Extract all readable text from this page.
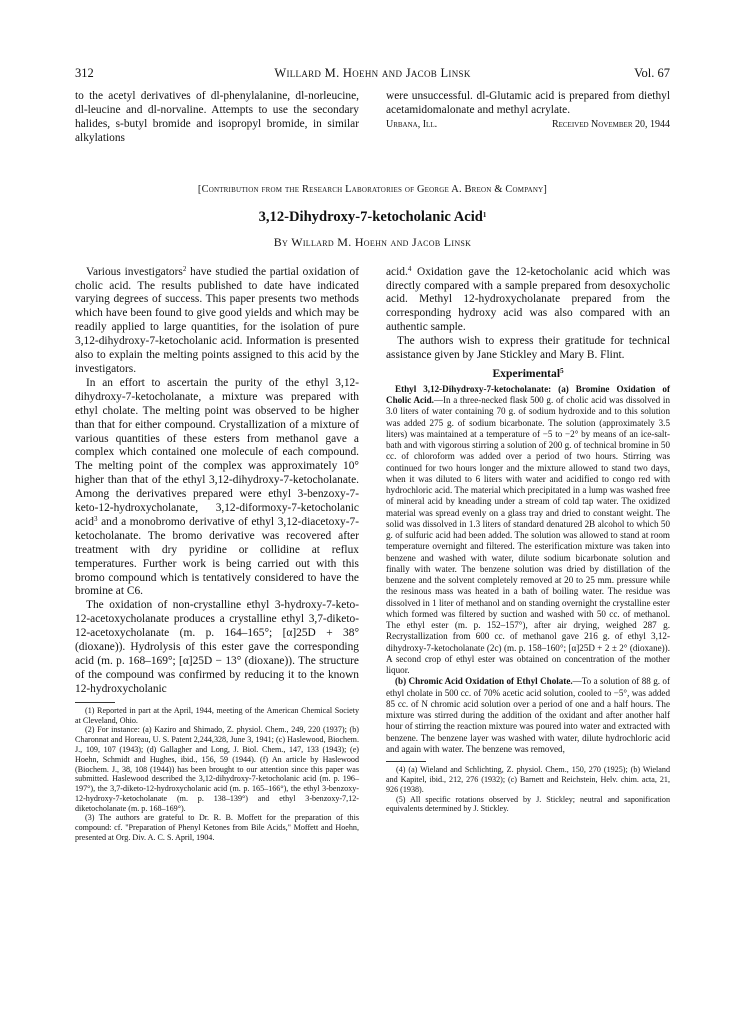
312	Willard M. Hoehn and Jacob Linsk	Vol. 67

to the acetyl derivatives of dl-phenylalanine, dl-norleucine, dl-leucine and dl-norvaline. Attempts to use the secondary halides, s-butyl bromide and isopropyl bromide, in similar alkylations

were unsuccessful. dl-Glutamic acid is prepared from diethyl acetamidomalonate and methyl acrylate.

Urbana, Ill.	Received November 20, 1944
[Contribution from the Research Laboratories of George A. Breon & Company]
3,12-Dihydroxy-7-ketocholanic Acid$^1$
By Willard M. Hoehn and Jacob Linsk

Various investigators$^2$ have studied the partial oxidation of cholic acid. The results published to date have indicated varying degrees of success. This paper presents two methods which have been found to give good yields and which may be readily applied to large quantities, for the isolation of pure 3,12-dihydroxy-7-ketocholanic acid. Information is presented also to explain the melting points assigned to this acid by the investigators.

In an effort to ascertain the purity of the ethyl 3,12-dihydroxy-7-ketocholanate, a mixture was prepared with ethyl cholate. The melting point was observed to be higher than that for either compound. Crystallization of a mixture of various quantities of these esters from methanol gave a complex which contained one molecule of each compound. The melting point of the complex was approximately 10° higher than that of the ethyl 3,12-dihydroxy-7-ketocholanate. Among the derivatives prepared were ethyl 3-benzoxy-7-keto-12-hydroxycholanate, 3,12-diformoxy-7-ketocholanic acid$^3$ and a monobromo derivative of ethyl 3,12-diacetoxy-7-ketocholanate. The bromo derivative was recovered after treatment with dry pyridine or collidine at reflux temperatures. Further work is being carried out with this bromo compound which is tentatively considered to have the bromine at C6.

The oxidation of non-crystalline ethyl 3-hydroxy-7-keto-12-acetoxycholanate produces a crystalline ethyl 3,7-diketo-12-acetoxycholanate (m. p. 164–165°; [α]25D + 38° (dioxane)). Hydrolysis of this ester gave the corresponding acid (m. p. 168–169°; [α]25D − 13° (dioxane)). The structure of the compound was confirmed by reducing it to the known 12-hydroxycholanic

(1) Reported in part at the April, 1944, meeting of the American Chemical Society at Cleveland, Ohio.

(2) For instance: (a) Kaziro and Shimado, Z. physiol. Chem., 249, 220 (1937); (b) Charonnat and Horeau, U. S. Patent 2,244,328, June 3, 1941; (c) Haslewood, Biochem. J., 109, 107 (1943); (d) Gallagher and Long, J. Biol. Chem., 147, 133 (1943); (e) Hoehn, Schmidt and Hughes, ibid., 156, 59 (1944). (f) An article by Haslewood (Biochem. J., 38, 108 (1944)) has been brought to our attention since this paper was submitted. Haslewood described the 3,12-dihydroxy-7-ketocholanic acid (m. p. 196–197°), the 3,7-diketo-12-hydroxycholanic acid (m. p. 165–166°), the ethyl 3-benzoxy-12-hydroxy-7-ketocholanate (m. p. 138–139°) and ethyl 3-benzoxy-7,12-diketocholanate (m. p. 168–169°).

(3) The authors are grateful to Dr. R. B. Moffett for the preparation of this compound: cf. "Preparation of Phenyl Ketones from Bile Acids," Moffett and Hoehn, presented at Org. Div. A. C. S. April, 1904.

acid.$^4$ Oxidation gave the 12-ketocholanic acid which was directly compared with a sample prepared from desoxycholic acid. Methyl 12-hydroxycholanate prepared from the corresponding hydroxy acid was also compared with an authentic sample.

The authors wish to express their gratitude for technical assistance given by Jane Stickley and Mary B. Flint.

Experimental$^5$

Ethyl 3,12-Dihydroxy-7-ketocholanate: (a) Bromine Oxidation of Cholic Acid.—In a three-necked flask 500 g. of cholic acid was dissolved in 3.0 liters of water containing 70 g. of sodium hydroxide and to this solution was added 275 g. of sodium bicarbonate. The solution (approximately 3.5 liters) was maintained at a temperature of −5 to −2° by means of an ice-salt-bath and with vigorous stirring a solution of 200 g. of technical bromine in 50 cc. of chloroform was added over a period of two hours. Stirring was continued for two hours longer and the mixture allowed to stand two days, when it was diluted to 6 liters with water and acidified to congo red with hydrochloric acid. The material which precipitated in a lump was washed free of mineral acid by kneading under a stream of cold tap water. The oxidized material was spread evenly on a glass tray and dried to constant weight. The solid was dissolved in 1.3 liters of standard denatured 2B alcohol to which 50 g. of sulfuric acid had been added. The solution was allowed to stand at room temperature overnight and filtered. The esterification mixture was taken into benzene and washed with water, dilute sodium bicarbonate solution and finally with water. The benzene solution was dried by distillation of the benzene and the solvent completely removed at 20 to 25 mm. pressure while the resinous mass was heated in a bath of boiling water. The residue was dissolved in 1 liter of methanol and on standing overnight the crystalline ester which formed was filtered by suction and washed with 50 cc. of methanol. The ethyl ester (m. p. 152–157°), after air drying, weighed 287 g. Recrystallization from 600 cc. of methanol gave 216 g. of ethyl 3,12-dihydroxy-7-ketocholanate (2c) (m. p. 158–160°; [α]25D + 2 ± 2° (dioxane)). A second crop of ethyl ester was obtained on concentration of the mother liquor.

(b) Chromic Acid Oxidation of Ethyl Cholate.—To a solution of 88 g. of ethyl cholate in 500 cc. of 70% acetic acid solution, cooled to −5°, was added 85 cc. of N chromic acid solution over a period of one and a half hours. The mixture was stirred during the addition of the oxidant and after another half hour of stirring the reaction mixture was poured into water and extracted with benzene. The benzene layer was washed with water, dilute hydrochloric acid and again with water. The benzene was removed,

(4) (a) Wieland and Schlichting, Z. physiol. Chem., 150, 270 (1925); (b) Wieland and Kapitel, ibid., 212, 276 (1932); (c) Barnett and Reichstein, Helv. chim. acta, 21, 926 (1938).

(5) All specific rotations observed by J. Stickley; neutral and saponification equivalents determined by J. Stickley.
